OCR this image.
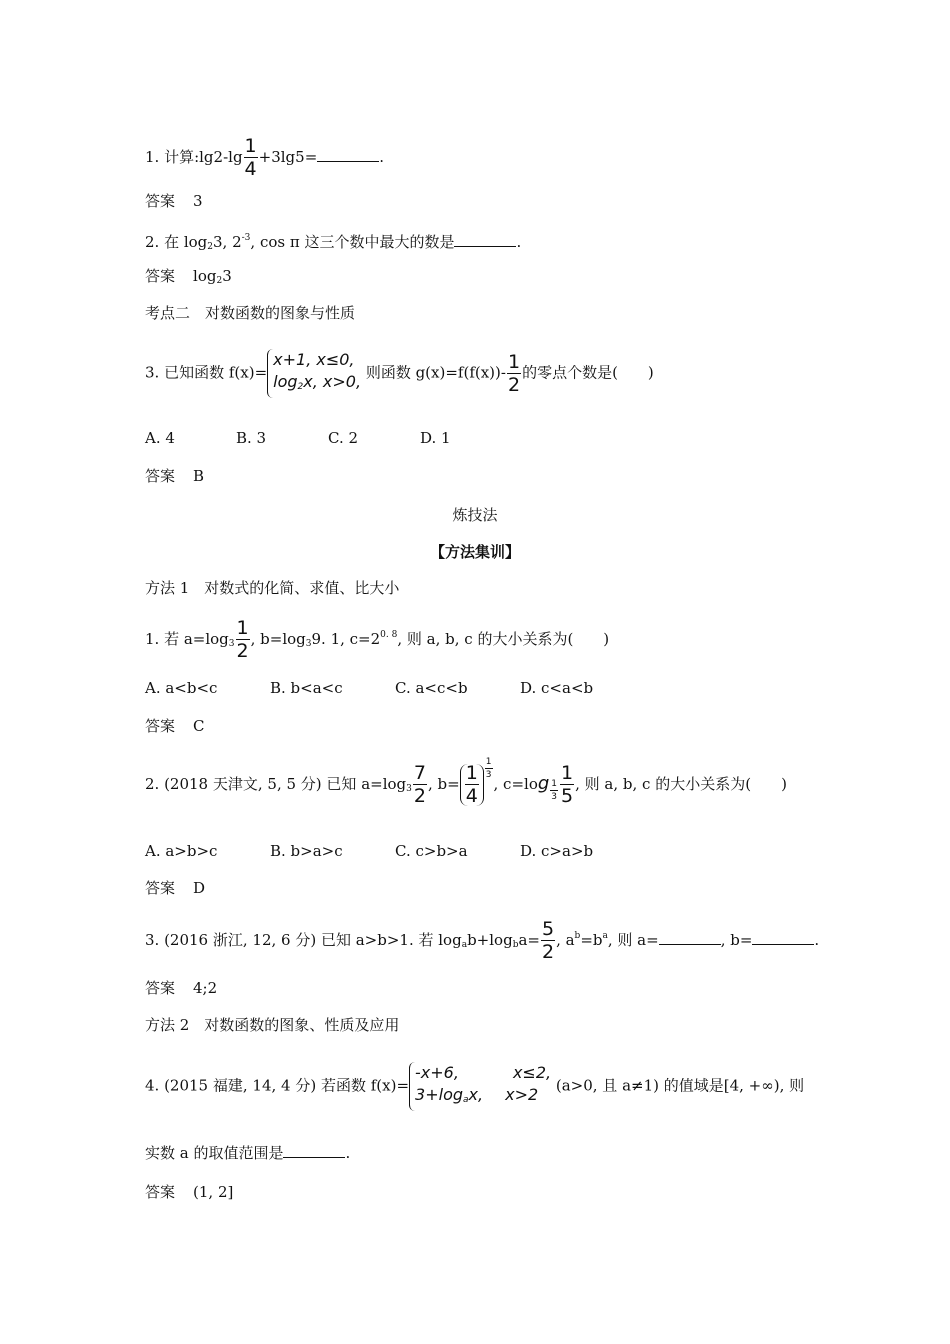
1. 计算:lg2-lg $\frac{1}{4} +3\lg 5=$	.
答案 3
2. 在 $\log_23$, $2^{-3}$, cos π 这三个数中最大的数是	.
答案 $\log_23$
考点二　对数函数的图象与性质
3. 已知函数 f(x)=x+1, x≤0,
$\log_2x$, x>0, 则函数 $g(x)=f(f(x))- \frac{1}{2}$ 的零点个数是(　　)
A. 4	B. 3	C. 2	D. 1
答案 B
炼技法
【方法集训】
方法 1　对数式的化简、求值、比大小
1. 若 $a=\log_3 \frac{1}{2}$ , $b=\log_39$. 1, $c=2^{0. 8}$, 则 a, b, c 的大小关系为(　　)
A. a<b<c	B. b<a<c	C. a<c<b	D. c<a<b
答案 C
2. (2018 天津文, 5, 5 分) 已知 $a=\log_3 \frac{7}{2}$ , $b= \frac{1}{4} \frac{1}{3}$
, $c=\log \frac{1}{3} \frac{1}{5}$ , 则 a, b, c 的大小关系为(　　)
A. a>b>c	B. b>a>c	C. c>b>a	D. c>a>b
答案 D
3. (2016 浙江, 12, 6 分) 已知 a>b>1. 若 $\log_ab+\log_ba= \frac{5}{2}$ , $a^b=b^a$, 则 a=	, b=	.
答案 4;2
方法 2　对数函数的图象、性质及应用
4. (2015 福建, 14, 4 分) 若函数 f(x)=-x+6,	x≤2,
$3+\log_ax$, x>2 (a>0, 且 a≠1) 的值域是[4, +∞), 则
实数 a 的取值范围是	.
答案 (1, 2]
